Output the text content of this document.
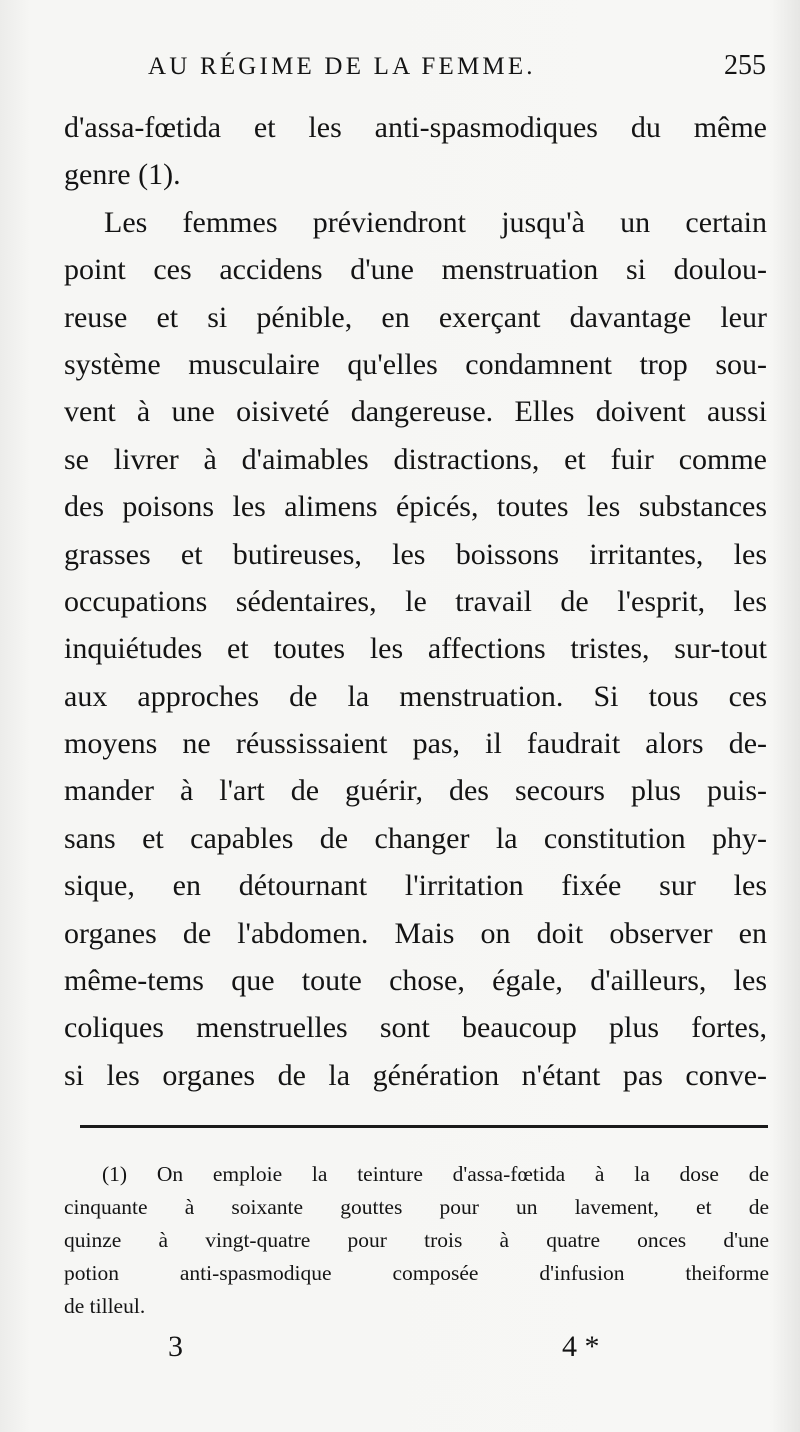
AU RÉGIME DE LA FEMME.	255
d'assa-fœtida et les anti-spasmodiques du même
genre (1).
Les femmes préviendront jusqu'à un certain
point ces accidens d'une menstruation si doulou-
reuse et si pénible, en exerçant davantage leur
système musculaire qu'elles condamnent trop sou-
vent à une oisiveté dangereuse. Elles doivent aussi
se livrer à d'aimables distractions, et fuir comme
des poisons les alimens épicés, toutes les substances
grasses et butireuses, les boissons irritantes, les
occupations sédentaires, le travail de l'esprit, les
inquiétudes et toutes les affections tristes, sur-tout
aux approches de la menstruation. Si tous ces
moyens ne réussissaient pas, il faudrait alors de-
mander à l'art de guérir, des secours plus puis-
sans et capables de changer la constitution phy-
sique, en détournant l'irritation fixée sur les
organes de l'abdomen. Mais on doit observer en
même-tems que toute chose, égale, d'ailleurs, les
coliques menstruelles sont beaucoup plus fortes,
si les organes de la génération n'étant pas conve-
(1) On emploie la teinture d'assa-fœtida à la dose de
cinquante à soixante gouttes pour un lavement, et de
quinze à vingt-quatre pour trois à quatre onces d'une
potion anti-spasmodique composée d'infusion theiforme
de tilleul.
3	4 *
